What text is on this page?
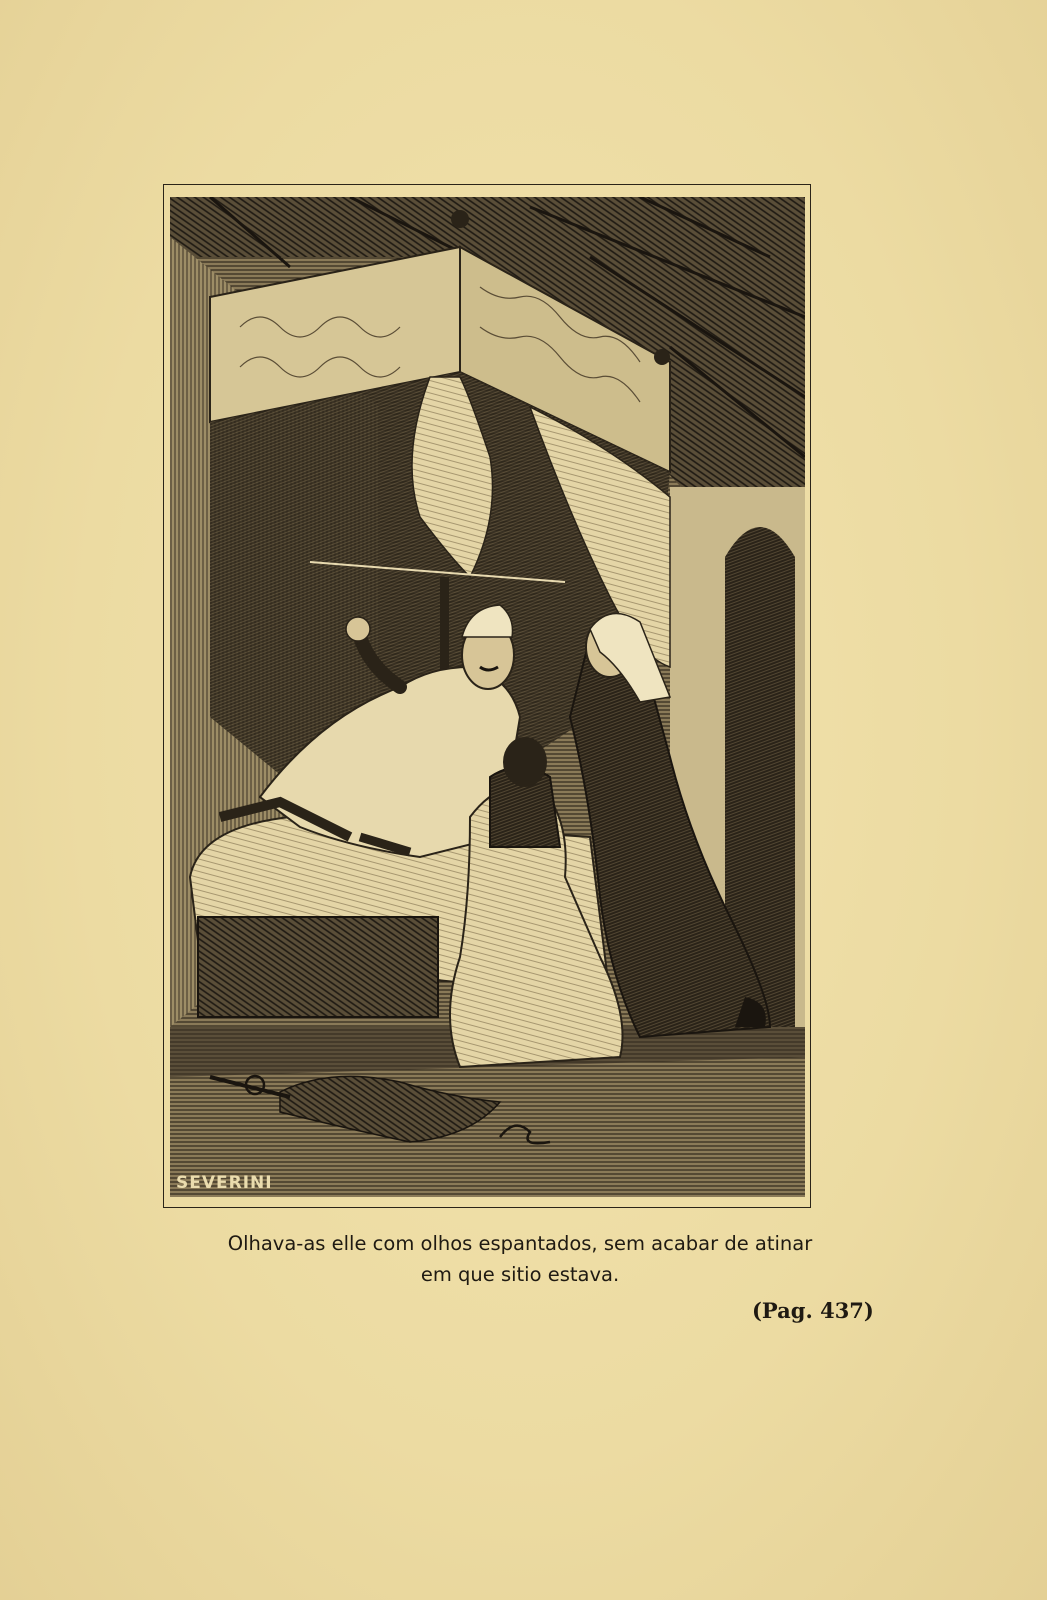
SEVERINI
Olhava-as elle com olhos espantados, sem acabar de atinar
em que sitio estava.
(Pag. 437)
